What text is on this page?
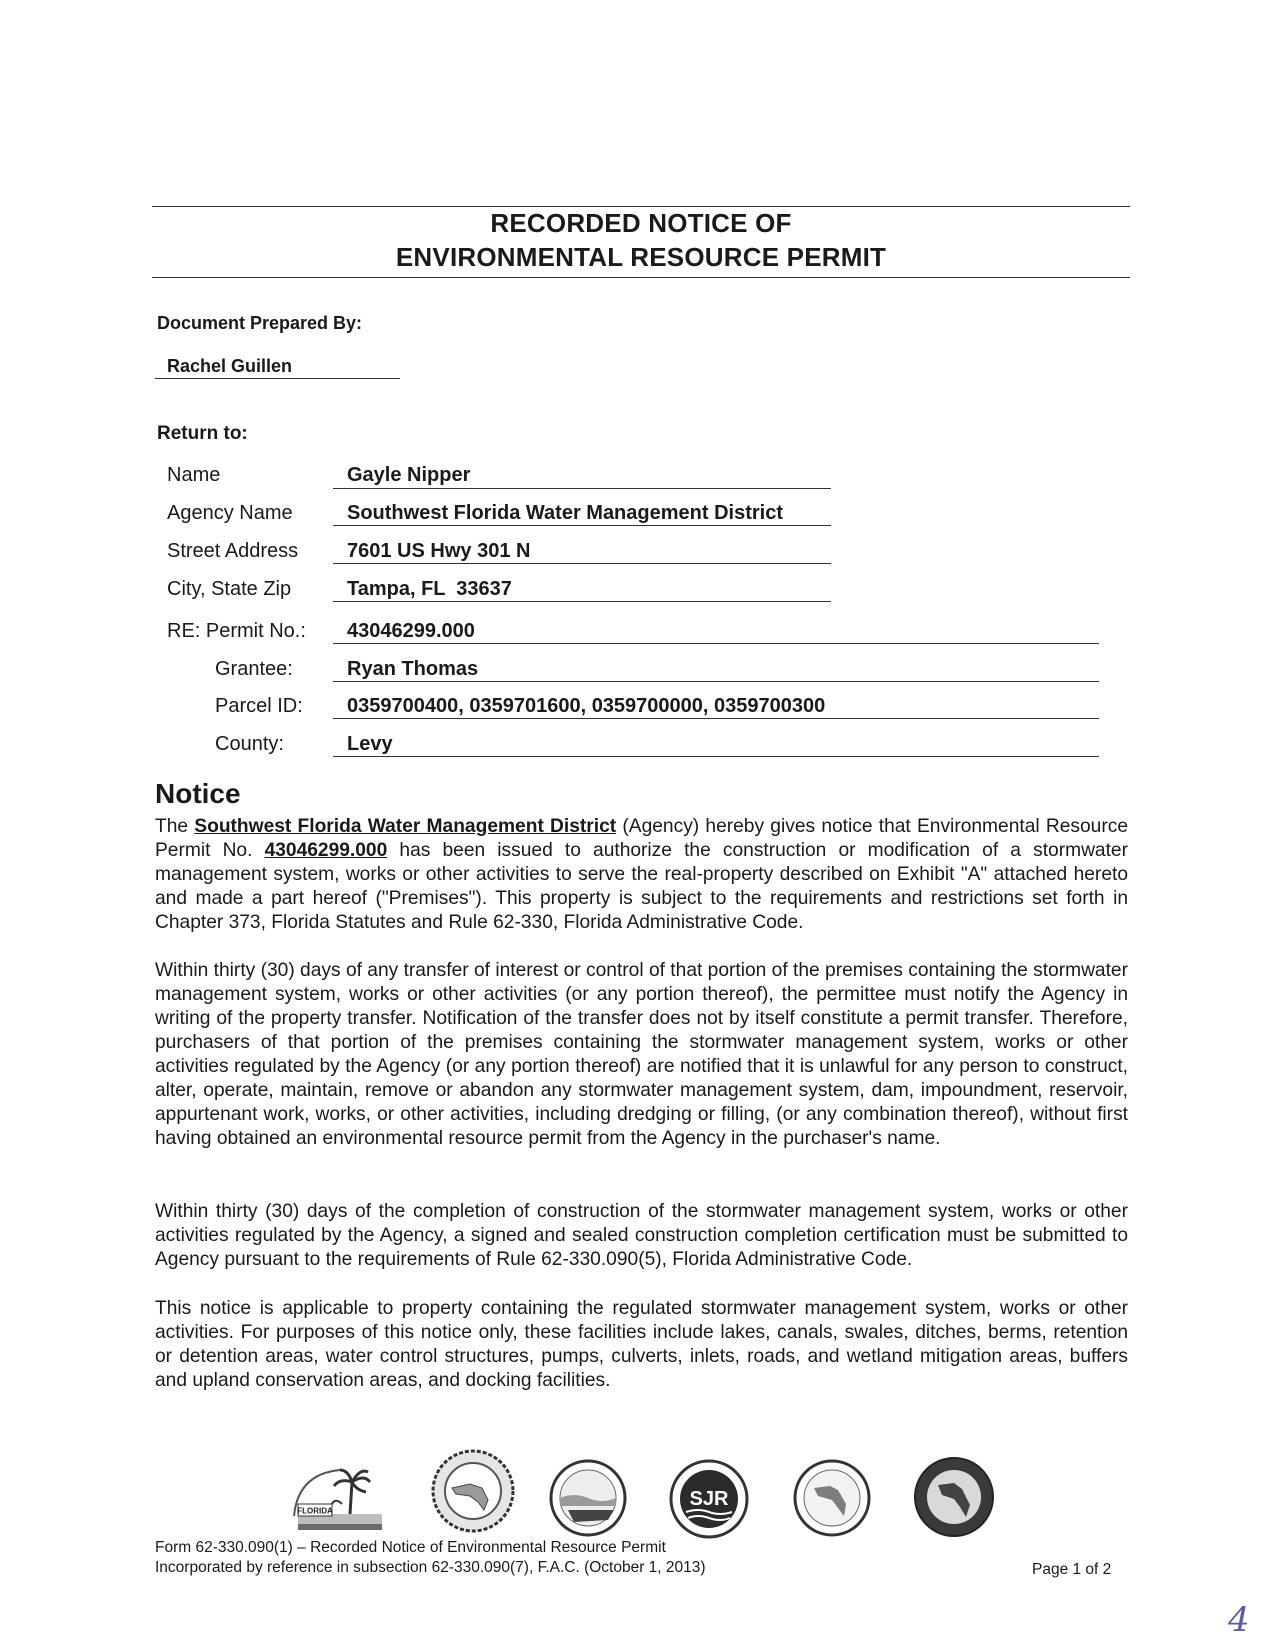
RECORDED NOTICE OF
ENVIRONMENTAL RESOURCE PERMIT
Document Prepared By:
Rachel Guillen
Return to:
Name	Gayle Nipper
Agency Name	Southwest Florida Water Management District
Street Address 7601 US Hwy 301 N
City, State Zip	Tampa, FL  33637
RE: Permit No.: 43046299.000
Grantee:	Ryan Thomas
Parcel ID: 0359700400, 0359701600, 0359700000, 0359700300
County:	Levy
Notice

The Southwest Florida Water Management District (Agency) hereby gives notice that Environmental Resource Permit No. 43046299.000 has been issued to authorize the construction or modification of a stormwater management system, works or other activities to serve the real-property described on Exhibit "A" attached hereto and made a part hereof ("Premises"). This property is subject to the requirements and restrictions set forth in Chapter 373, Florida Statutes and Rule 62-330, Florida Administrative Code.

Within thirty (30) days of any transfer of interest or control of that portion of the premises containing the stormwater management system, works or other activities (or any portion thereof), the permittee must notify the Agency in writing of the property transfer. Notification of the transfer does not by itself constitute a permit transfer. Therefore, purchasers of that portion of the premises containing the stormwater management system, works or other activities regulated by the Agency (or any portion thereof) are notified that it is unlawful for any person to construct, alter, operate, maintain, remove or abandon any stormwater management system, dam, impoundment, reservoir, appurtenant work, works, or other activities, including dredging or filling, (or any combination thereof), without first having obtained an environmental resource permit from the Agency in the purchaser's name.

Within thirty (30) days of the completion of construction of the stormwater management system, works or other activities regulated by the Agency, a signed and sealed construction completion certification must be submitted to Agency pursuant to the requirements of Rule 62-330.090(5), Florida Administrative Code.

This notice is applicable to property containing the regulated stormwater management system, works or other activities. For purposes of this notice only, these facilities include lakes, canals, swales, ditches, berms, retention or detention areas, water control structures, pumps, culverts, inlets, roads, and wetland mitigation areas, buffers and upland conservation areas, and docking facilities.

FLORIDA
SJR
Form 62-330.090(1) – Recorded Notice of Environmental Resource Permit
Incorporated by reference in subsection 62-330.090(7), F.A.C. (October 1, 2013)	Page 1 of 2
4
